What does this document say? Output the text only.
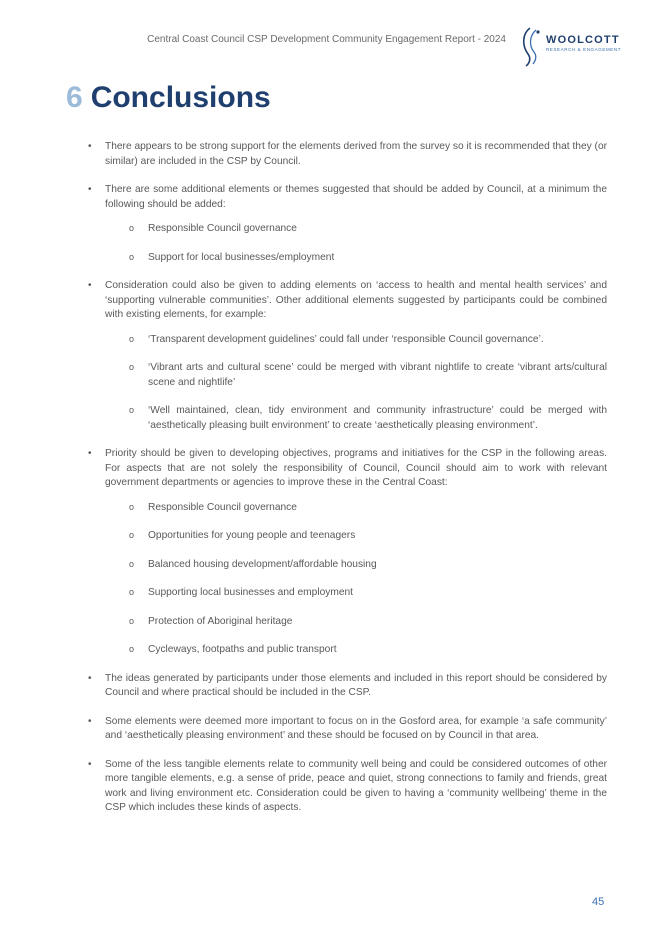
Central Coast Council CSP Development Community Engagement Report - 2024	WOOLCOTT
RESEARCH & ENGAGEMENT
6 Conclusions
• There appears to be strong support for the elements derived from the survey so it is recommended that they (or similar) are included in the CSP by Council.
• There are some additional elements or themes suggested that should be added by Council, at a minimum the following should be added:
o Responsible Council governance
o Support for local businesses/employment
• Consideration could also be given to adding elements on ‘access to health and mental health services’ and ‘supporting vulnerable communities’. Other additional elements suggested by participants could be combined with existing elements, for example:
o ‘Transparent development guidelines’ could fall under ‘responsible Council governance’.
o ‘Vibrant arts and cultural scene’ could be merged with vibrant nightlife to create ‘vibrant arts/cultural scene and nightlife’
o ‘Well maintained, clean, tidy environment and community infrastructure’ could be merged with ‘aesthetically pleasing built environment’ to create ‘aesthetically pleasing environment’.
• Priority should be given to developing objectives, programs and initiatives for the CSP in the following areas. For aspects that are not solely the responsibility of Council, Council should aim to work with relevant government departments or agencies to improve these in the Central Coast:
o Responsible Council governance
o Opportunities for young people and teenagers
o Balanced housing development/affordable housing
o Supporting local businesses and employment
o Protection of Aboriginal heritage
o Cycleways, footpaths and public transport
• The ideas generated by participants under those elements and included in this report should be considered by Council and where practical should be included in the CSP.
• Some elements were deemed more important to focus on in the Gosford area, for example ‘a safe community’ and ‘aesthetically pleasing environment’ and these should be focused on by Council in that area.
• Some of the less tangible elements relate to community well being and could be considered outcomes of other more tangible elements, e.g. a sense of pride, peace and quiet, strong connections to family and friends, great work and living environment etc. Consideration could be given to having a ‘community wellbeing’ theme in the CSP which includes these kinds of aspects.
45
